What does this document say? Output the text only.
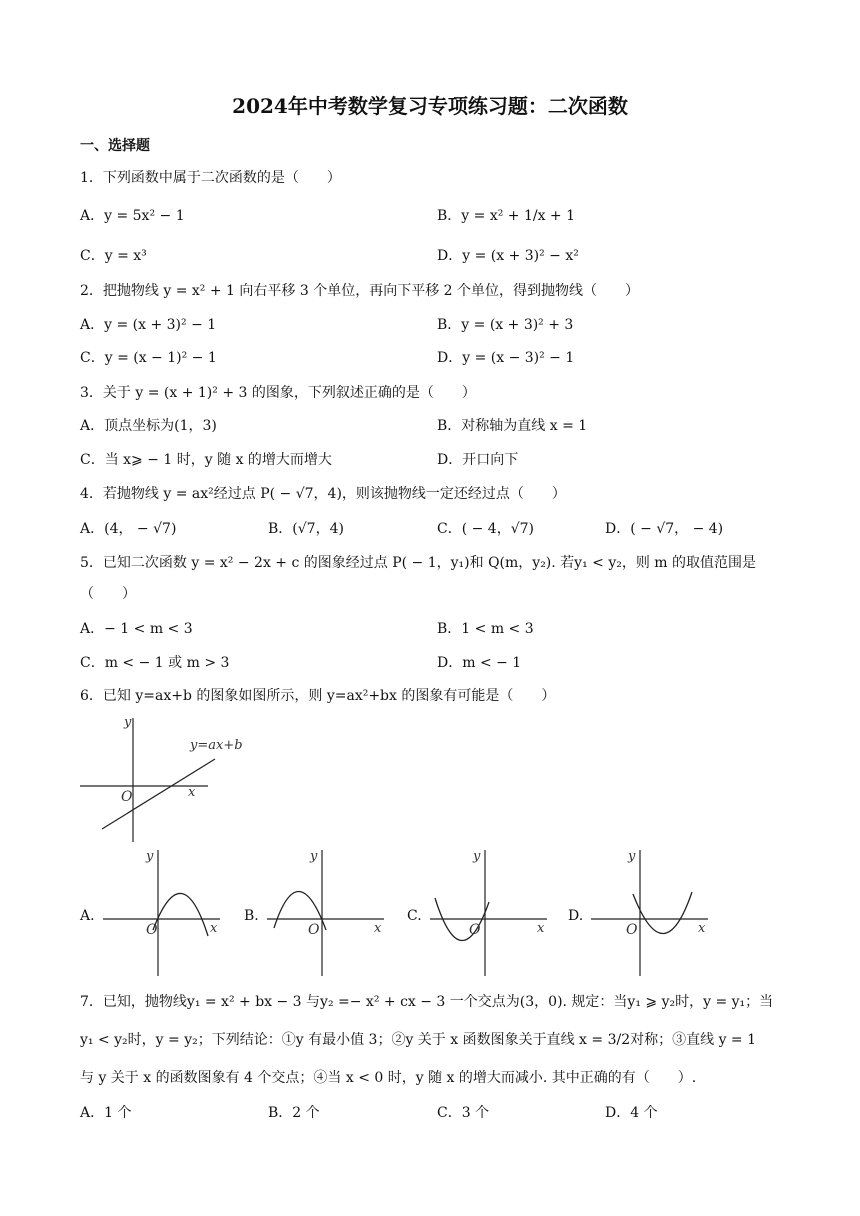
2024年中考数学复习专项练习题：二次函数
一、选择题
1．下列函数中属于二次函数的是（　　）
A．y = 5x² − 1	B．y = x² + 1/x + 1
C．y = x³	D．y = (x + 3)² − x²
2．把抛物线 y = x² + 1 向右平移 3 个单位，再向下平移 2 个单位，得到抛物线（　　）
A．y = (x + 3)² − 1	B．y = (x + 3)² + 3
C．y = (x − 1)² − 1	D．y = (x − 3)² − 1
3．关于 y = (x + 1)² + 3 的图象，下列叙述正确的是（　　）
A．顶点坐标为(1，3)	B．对称轴为直线 x = 1
C．当 x⩾ − 1 时，y 随 x 的增大而增大	D．开口向下
4．若抛物线 y = ax²经过点 P( − √7，4)，则该抛物线一定还经过点（　　）
A．(4， − √7)	B．(√7，4)	C．( − 4，√7)	D．( − √7， − 4)
5．已知二次函数 y = x² − 2x + c 的图象经过点 P( − 1，y₁)和 Q(m，y₂). 若y₁ < y₂，则 m 的取值范围是
（　　）
A．− 1 < m < 3	B．1 < m < 3
C．m < − 1 或 m > 3	D．m < − 1
6．已知 y=ax+b 的图象如图所示，则 y=ax²+bx 的图象有可能是（　　）
y=ax+b
x
y
O
A.
y
x
O
B.
y
x
O
C.
y
x
O
D.
y
x
O
7．已知，抛物线y₁ = x² + bx − 3 与y₂ =− x² + cx − 3 一个交点为(3，0). 规定：当y₁ ⩾ y₂时，y = y₁；当
y₁ < y₂时，y = y₂；下列结论：①y 有最小值 3；②y 关于 x 函数图象关于直线 x = 3/2对称；③直线 y = 1
与 y 关于 x 的函数图象有 4 个交点；④当 x < 0 时，y 随 x 的增大而减小. 其中正确的有（　　）.
A．1 个	B．2 个	C．3 个	D．4 个
